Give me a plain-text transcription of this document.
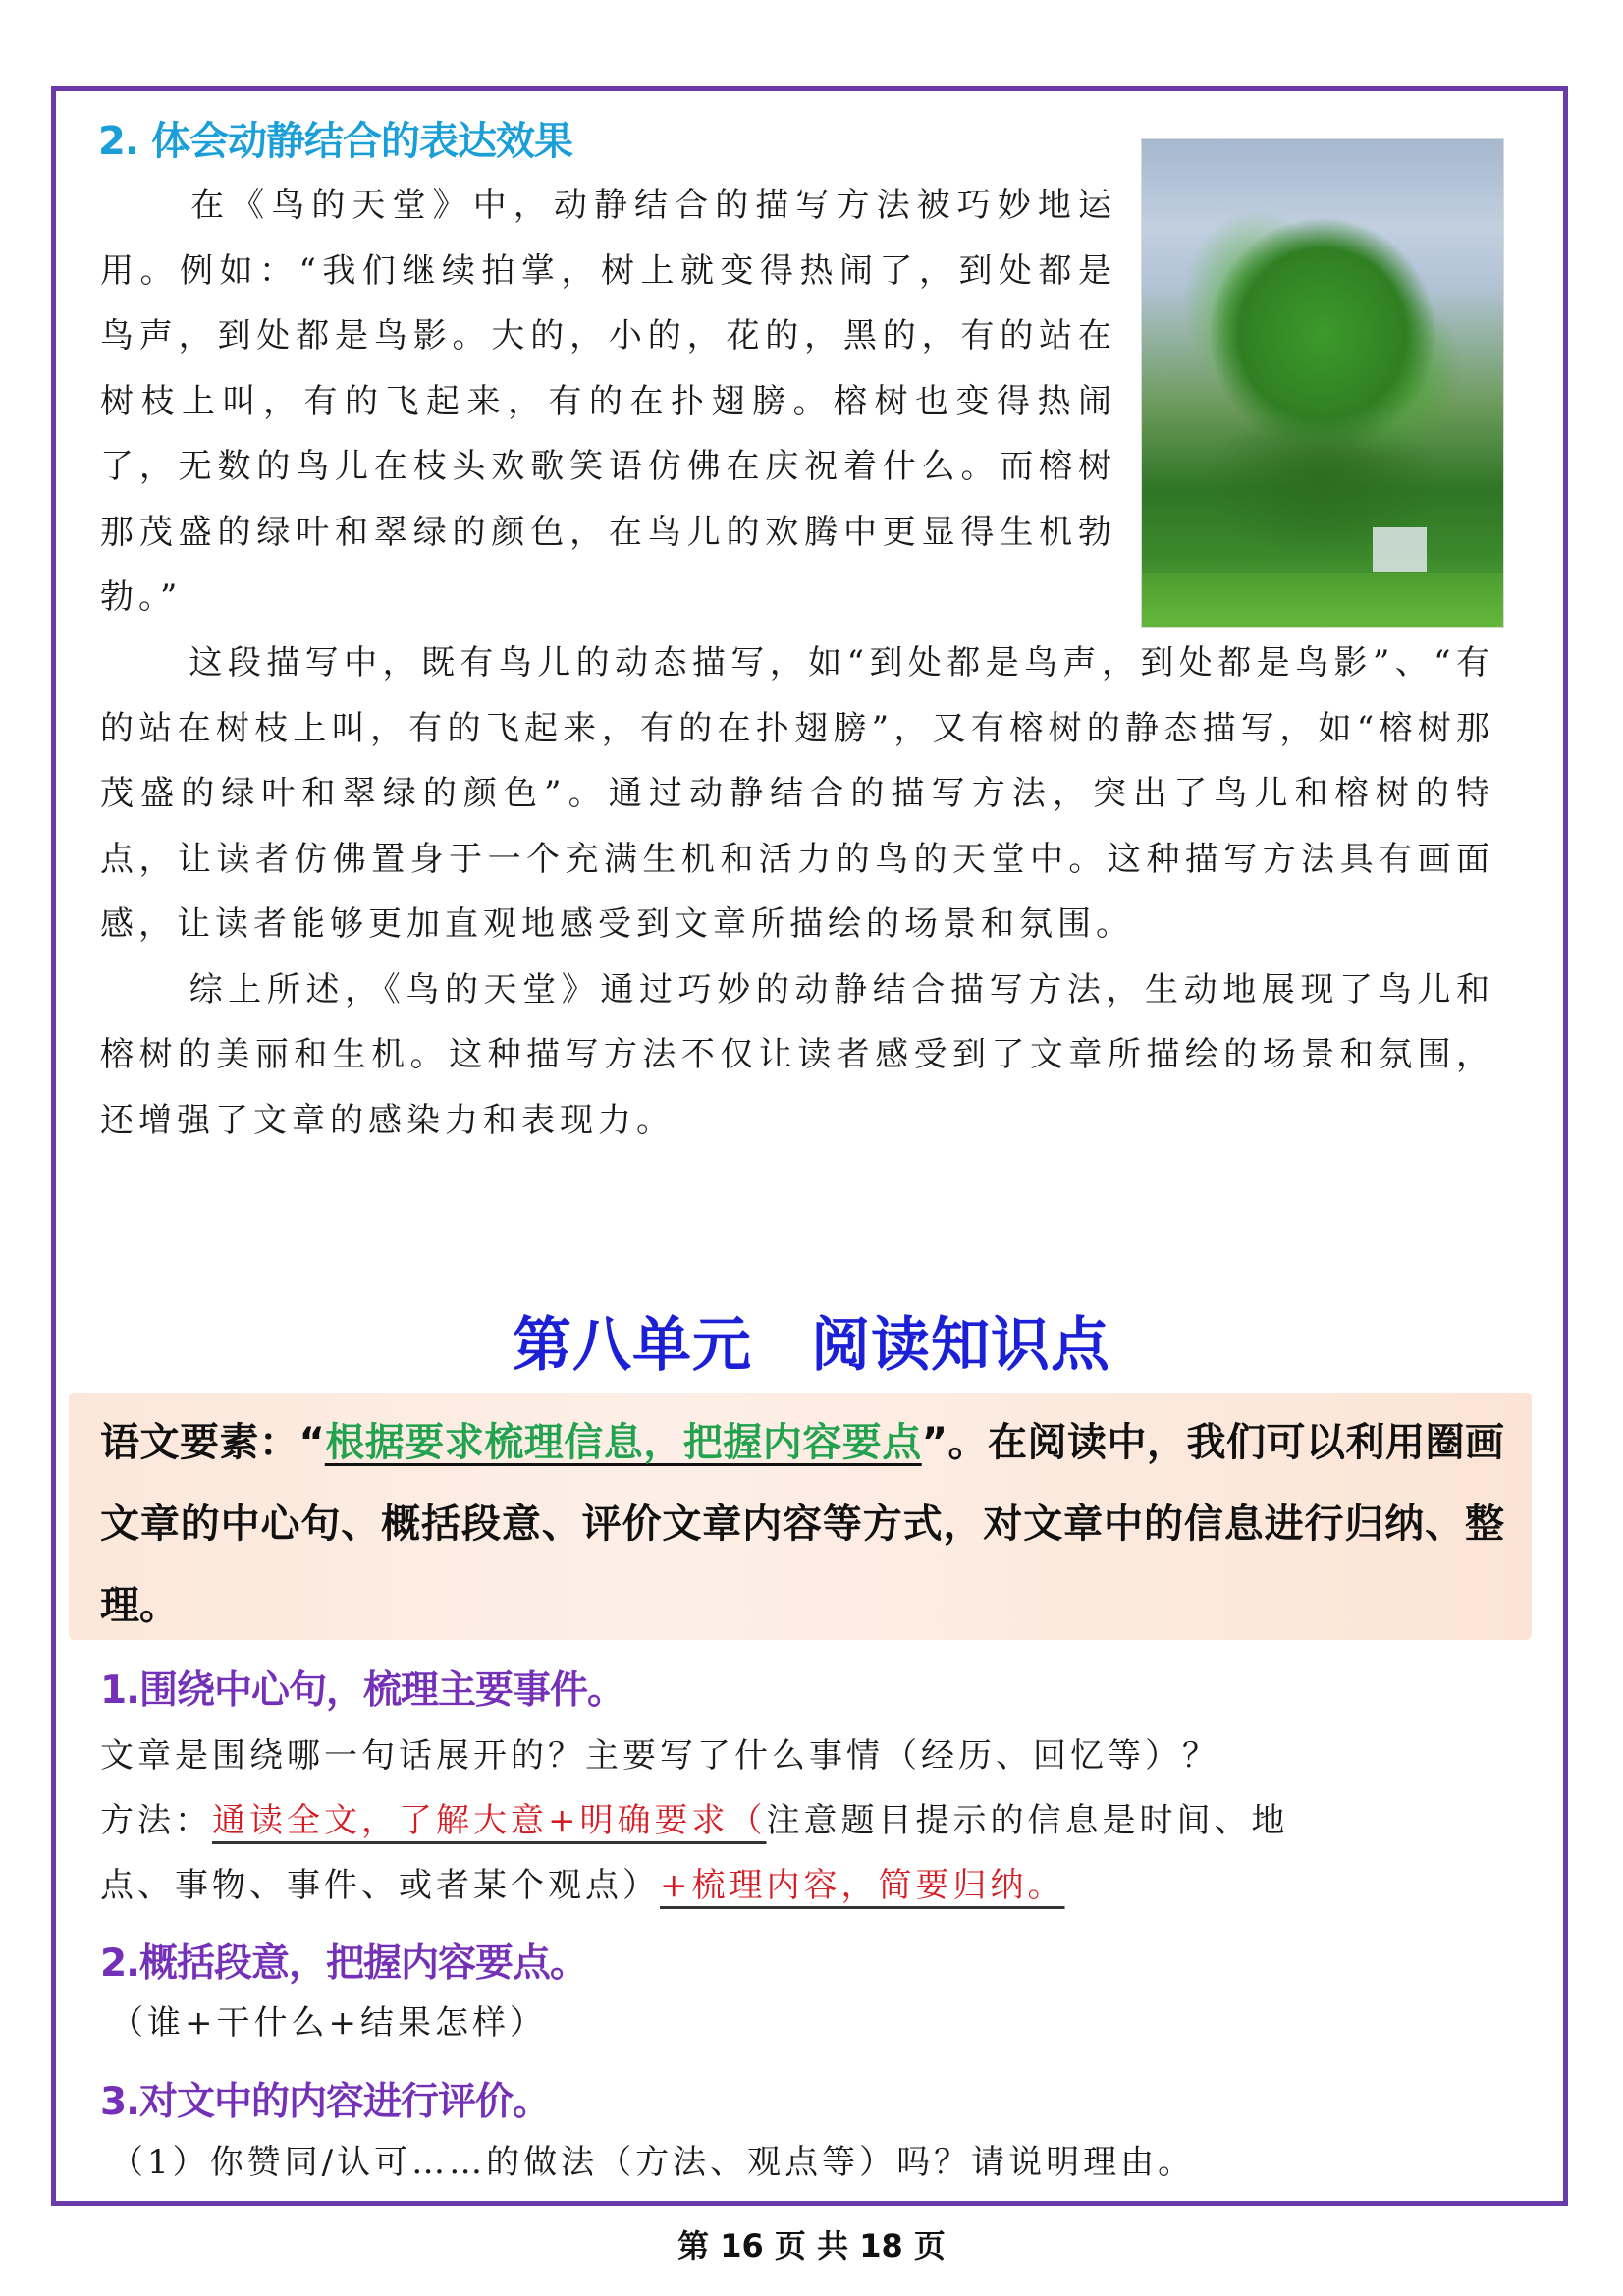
2. 体会动静结合的表达效果
在《鸟的天堂》中，动静结合的描写方法被巧妙地运用。例如：“我们继续拍掌，树上就变得热闹了，到处都是鸟声，到处都是鸟影。大的，小的，花的，黑的，有的站在树枝上叫，有的飞起来，有的在扑翅膀。榕树也变得热闹了，无数的鸟儿在枝头欢歌笑语仿佛在庆祝着什么。而榕树那茂盛的绿叶和翠绿的颜色，在鸟儿的欢腾中更显得生机勃勃。”
这段描写中，既有鸟儿的动态描写，如“到处都是鸟声，到处都是鸟影”、“有的站在树枝上叫，有的飞起来，有的在扑翅膀”，又有榕树的静态描写，如“榕树那茂盛的绿叶和翠绿的颜色”。通过动静结合的描写方法，突出了鸟儿和榕树的特点，让读者仿佛置身于一个充满生机和活力的鸟的天堂中。这种描写方法具有画面感，让读者能够更加直观地感受到文章所描绘的场景和氛围。
综上所述，《鸟的天堂》通过巧妙的动静结合描写方法，生动地展现了鸟儿和榕树的美丽和生机。这种描写方法不仅让读者感受到了文章所描绘的场景和氛围，还增强了文章的感染力和表现力。
第八单元 阅读知识点
语文要素：“根据要求梳理信息，把握内容要点”。在阅读中，我们可以利用圈画文章的中心句、概括段意、评价文章内容等方式，对文章中的信息进行归纳、整理。
1.围绕中心句，梳理主要事件。
文章是围绕哪一句话展开的？主要写了什么事情（经历、回忆等）？
方法：通读全文，了解大意+明确要求（注意题目提示的信息是时间、地
点、事物、事件、或者某个观点）+梳理内容，简要归纳。
2.概括段意，把握内容要点。
（谁+干什么+结果怎样）
3.对文中的内容进行评价。
（1）你赞同/认可……的做法（方法、观点等）吗？请说明理由。
第 16 页 共 18 页
